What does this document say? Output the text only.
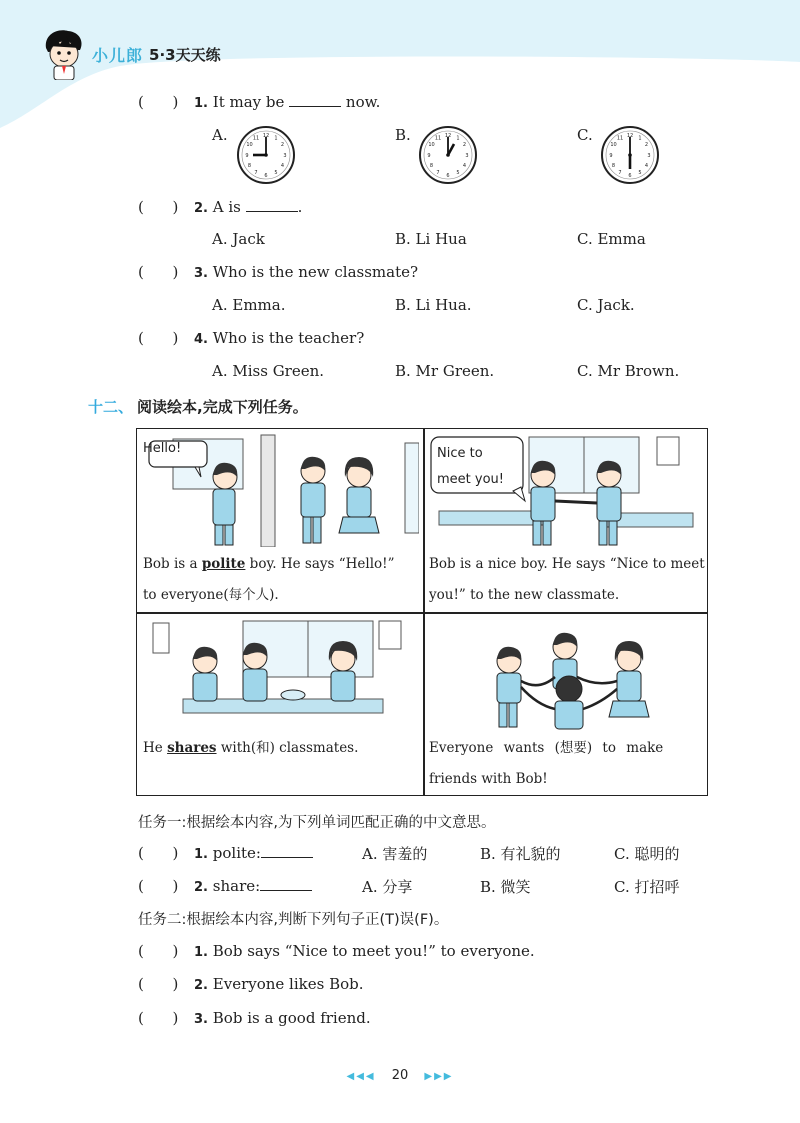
小儿郎 5·3天天练
(      ) 1. It may be	now.
A.	B.	C.
12 1
2
3
4
5
6
7
8
9
10
11	12 1
2
3
4
5
6
7
8
9
10
11	12 1
2
3
4
5
6
7
8
9
10
11
(      ) 2. A is	.
A. Jack	B. Li Hua	C. Emma
(      ) 3. Who is the new classmate?
A. Emma.	B. Li Hua.	C. Jack.
(      ) 4. Who is the teacher?
A. Miss Green.	B. Mr Green.	C. Mr Brown.
十二、 阅读绘本,完成下列任务。
Hello!
Bob is a polite boy. He says “Hello!”
to everyone(每个人).
Nice to
meet you!
Bob is a nice boy. He says “Nice to meet
you!” to the new classmate.
He shares with(和) classmates.	Everyone wants (想要) to make
friends with Bob!
任务一:根据绘本内容,为下列单词匹配正确的中文意思。
(      ) 1. polite:	A. 害羞的	B. 有礼貌的	C. 聪明的
(      ) 2. share:	A. 分享	B. 微笑	C. 打招呼
任务二:根据绘本内容,判断下列句子正(T)误(F)。
(      ) 1. Bob says “Nice to meet you!” to everyone.
(      ) 2. Everyone likes Bob.
(      ) 3. Bob is a good friend.
◀◀◀ 20 ▶▶▶
